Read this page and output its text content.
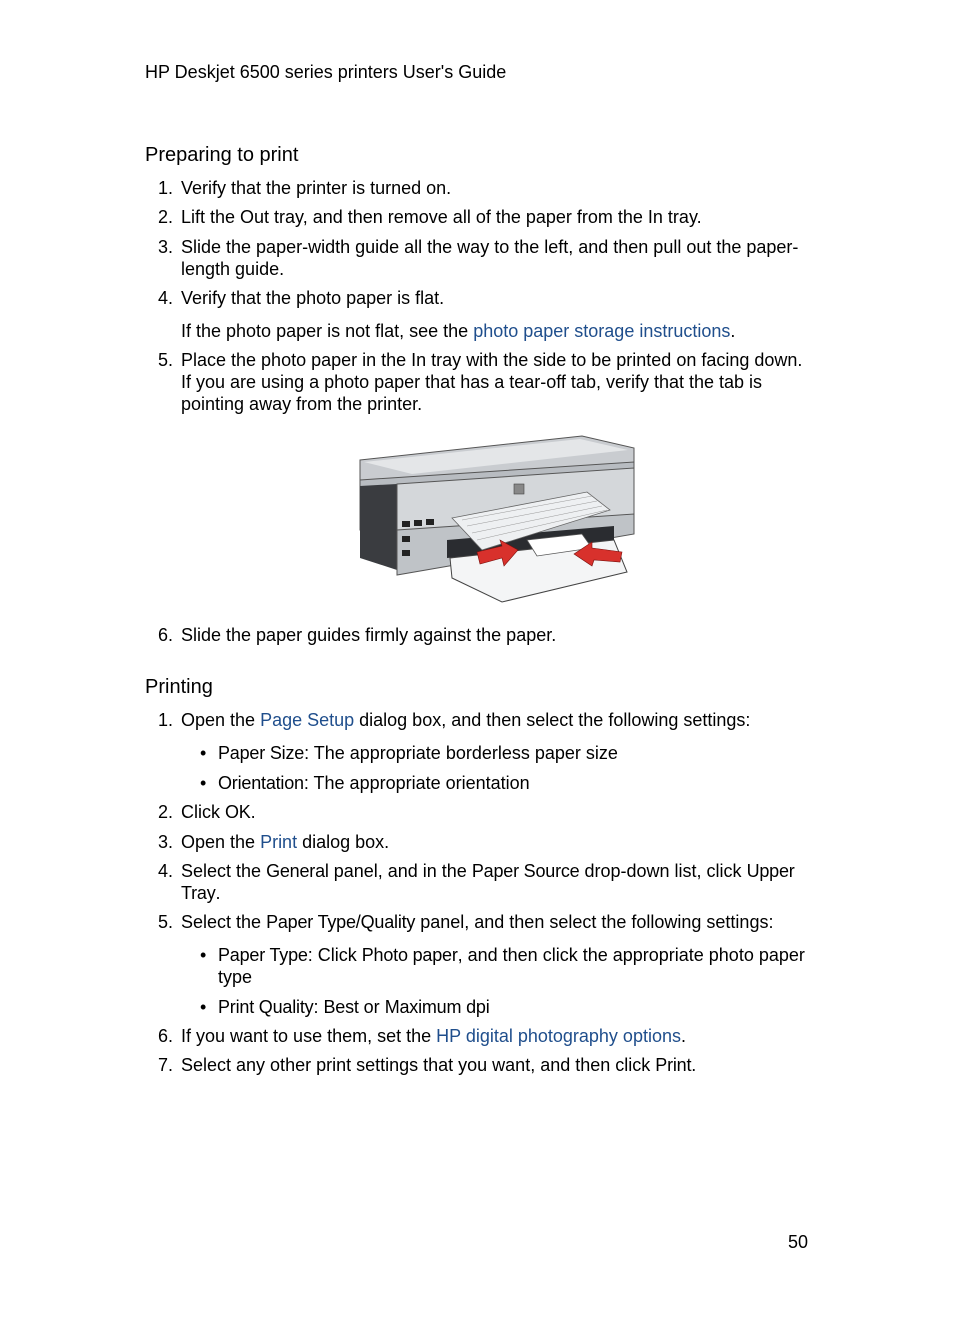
HP Deskjet 6500 series printers User's Guide
Preparing to print
1. Verify that the printer is turned on.
2. Lift the Out tray, and then remove all of the paper from the In tray.
3. Slide the paper-width guide all the way to the left, and then pull out the paper-
length guide.
4. Verify that the photo paper is flat.
If the photo paper is not flat, see the photo paper storage instructions.
5. Place the photo paper in the In tray with the side to be printed on facing down.
If you are using a photo paper that has a tear-off tab, verify that the tab is
pointing away from the printer.
6. Slide the paper guides firmly against the paper.
Printing
1. Open the Page Setup dialog box, and then select the following settings:
• Paper Size: The appropriate borderless paper size
• Orientation: The appropriate orientation
2. Click OK.
3. Open the Print dialog box.
4. Select the General panel, and in the Paper Source drop-down list, click Upper
Tray.
5. Select the Paper Type/Quality panel, and then select the following settings:
• Paper Type: Click Photo paper, and then click the appropriate photo paper
type
• Print Quality: Best or Maximum dpi
6. If you want to use them, set the HP digital photography options.
7. Select any other print settings that you want, and then click Print.
50
